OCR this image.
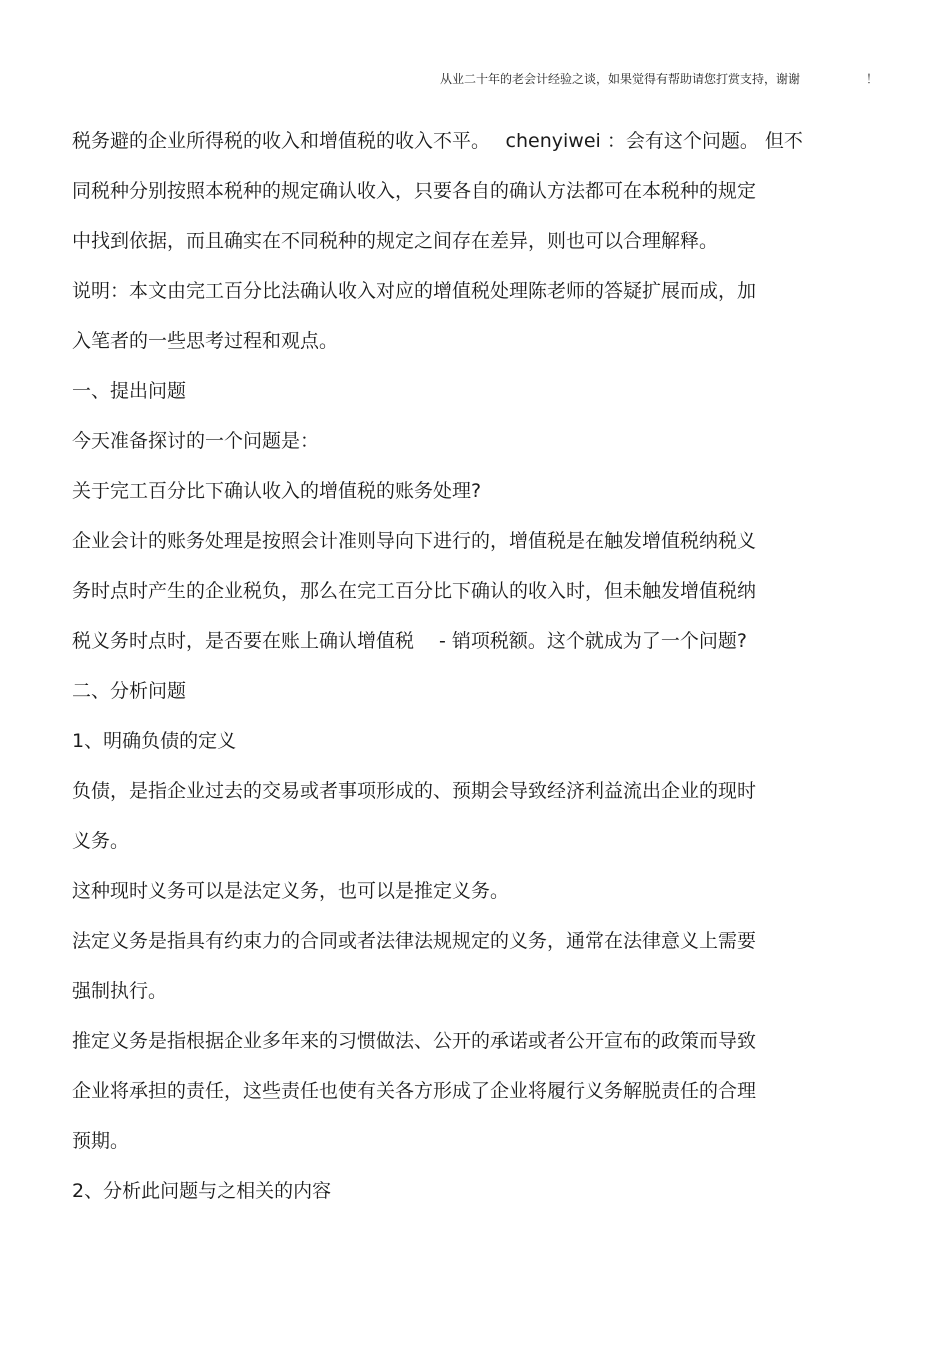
从业二十年的老会计经验之谈，如果觉得有帮助请您打赏支持，谢谢	！
税务避的企业所得税的收入和增值税的收入不平。　 chenyiwei ：会有这个问题。 但不
同税种分别按照本税种的规定确认收入，只要各自的确认方法都可在本税种的规定
中找到依据，而且确实在不同税种的规定之间存在差异，则也可以合理解释。
说明：本文由完工百分比法确认收入对应的增值税处理陈老师的答疑扩展而成，加
入笔者的一些思考过程和观点。
一、提出问题
今天准备探讨的一个问题是：
关于完工百分比下确认收入的增值税的账务处理?
企业会计的账务处理是按照会计准则导向下进行的，增值税是在触发增值税纳税义
务时点时产生的企业税负，那么在完工百分比下确认的收入时，但未触发增值税纳
税义务时点时，是否要在账上确认增值税　 - 销项税额。这个就成为了一个问题?
二、分析问题
1、明确负债的定义
负债，是指企业过去的交易或者事项形成的、预期会导致经济利益流出企业的现时
义务。
这种现时义务可以是法定义务，也可以是推定义务。
法定义务是指具有约束力的合同或者法律法规规定的义务，通常在法律意义上需要
强制执行。
推定义务是指根据企业多年来的习惯做法、公开的承诺或者公开宣布的政策而导致
企业将承担的责任，这些责任也使有关各方形成了企业将履行义务解脱责任的合理
预期。
2、分析此问题与之相关的内容
